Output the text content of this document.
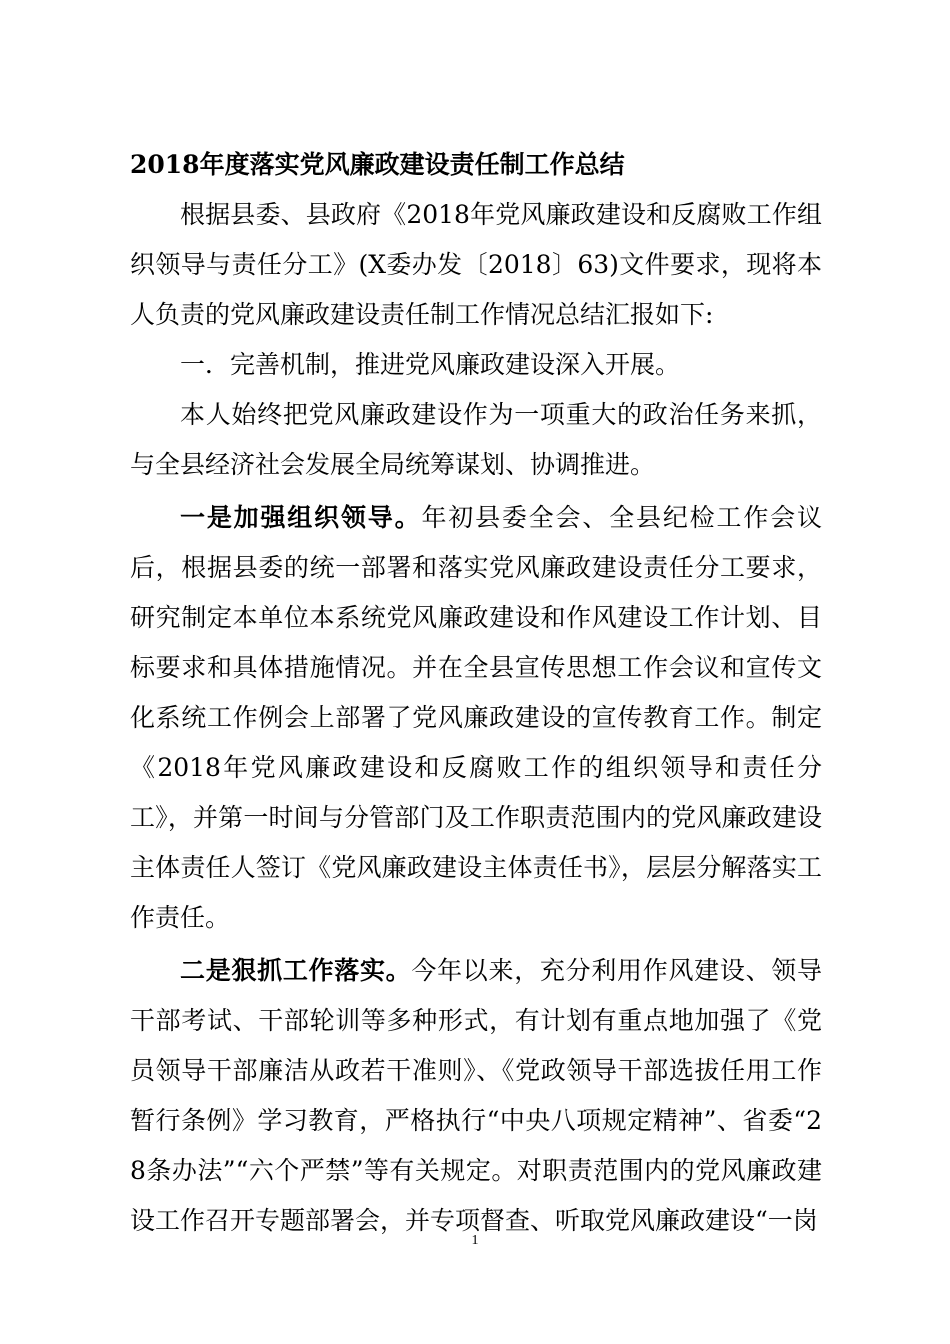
2018年度落实党风廉政建设责任制工作总结

根据县委、县政府《2018年党风廉政建设和反腐败工作组织领导与责任分工》(X委办发〔2018〕63)文件要求，现将本人负责的党风廉政建设责任制工作情况总结汇报如下:

一．完善机制，推进党风廉政建设深入开展。

本人始终把党风廉政建设作为一项重大的政治任务来抓，与全县经济社会发展全局统筹谋划、协调推进。

一是加强组织领导。年初县委全会、全县纪检工作会议后，根据县委的统一部署和落实党风廉政建设责任分工要求，研究制定本单位本系统党风廉政建设和作风建设工作计划、目标要求和具体措施情况。并在全县宣传思想工作会议和宣传文化系统工作例会上部署了党风廉政建设的宣传教育工作。制定《2018年党风廉政建设和反腐败工作的组织领导和责任分工》，并第一时间与分管部门及工作职责范围内的党风廉政建设主体责任人签订《党风廉政建设主体责任书》，层层分解落实工作责任。

二是狠抓工作落实。今年以来，充分利用作风建设、领导干部考试、干部轮训等多种形式，有计划有重点地加强了《党员领导干部廉洁从政若干准则》、《党政领导干部选拔任用工作暂行条例》学习教育，严格执行“中央八项规定精神”、省委“28条办法”“六个严禁”等有关规定。对职责范围内的党风廉政建设工作召开专题部署会，并专项督查、听取党风廉政建设“一岗

1
